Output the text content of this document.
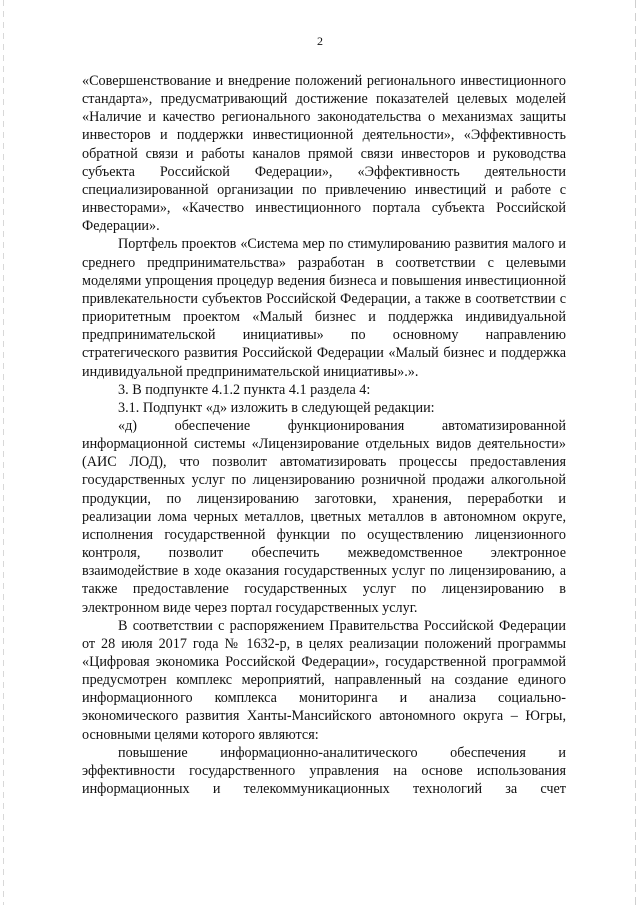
2

«Совершенствование и внедрение положений регионального инвестиционного стандарта», предусматривающий достижение показателей целевых моделей «Наличие и качество регионального законодательства о механизмах защиты инвесторов и поддержки инвестиционной деятельности», «Эффективность обратной связи и работы каналов прямой связи инвесторов и руководства субъекта Российской Федерации», «Эффективность деятельности специализированной организации по привлечению инвестиций и работе с инвесторами», «Качество инвестиционного портала субъекта Российской Федерации».

Портфель проектов «Система мер по стимулированию развития малого и среднего предпринимательства» разработан в соответствии с целевыми моделями упрощения процедур ведения бизнеса и повышения инвестиционной привлекательности субъектов Российской Федерации, а также в соответствии с приоритетным проектом «Малый бизнес и поддержка индивидуальной предпринимательской инициативы» по основному направлению стратегического развития Российской Федерации «Малый бизнес и поддержка индивидуальной предпринимательской инициативы».».

3. В подпункте 4.1.2 пункта 4.1 раздела 4:

3.1. Подпункт «д» изложить в следующей редакции:

«д) обеспечение функционирования автоматизированной информационной системы «Лицензирование отдельных видов деятельности» (АИС ЛОД), что позволит автоматизировать процессы предоставления государственных услуг по лицензированию розничной продажи алкогольной продукции, по лицензированию заготовки, хранения, переработки и реализации лома черных металлов, цветных металлов в автономном округе, исполнения государственной функции по осуществлению лицензионного контроля, позволит обеспечить межведомственное электронное взаимодействие в ходе оказания государственных услуг по лицензированию, а также предоставление государственных услуг по лицензированию в электронном виде через портал государственных услуг.

В соответствии с распоряжением Правительства Российской Федерации от 28 июля 2017 года № 1632-р, в целях реализации положений программы «Цифровая экономика Российской Федерации», государственной программой предусмотрен комплекс мероприятий, направленный на создание единого информационного комплекса мониторинга и анализа социально-экономического развития Ханты-Мансийского автономного округа – Югры, основными целями которого являются:

повышение информационно-аналитического обеспечения и эффективности государственного управления на основе использования информационных и телекоммуникационных технологий за счет
